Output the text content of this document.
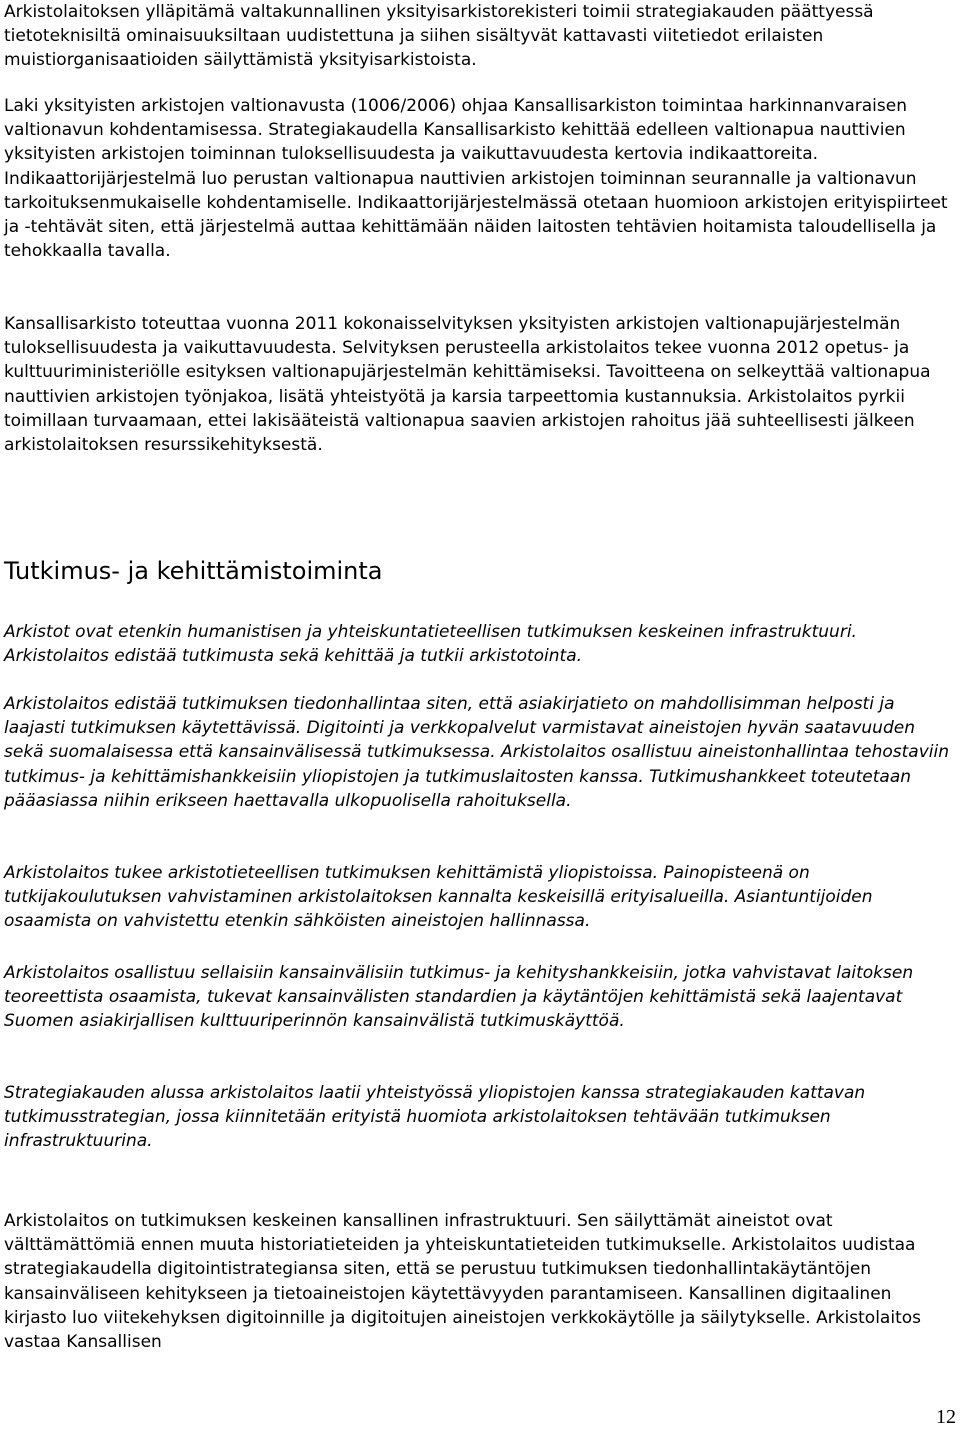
Arkistolaitoksen ylläpitämä valtakunnallinen yksityisarkistorekisteri toimii strategiakauden päättyessä tietoteknisiltä ominaisuuksiltaan uudistettuna ja siihen sisältyvät kattavasti viitetiedot erilaisten muistiorganisaatioiden säilyttämistä yksityisarkistoista.

Laki yksityisten arkistojen valtionavusta (1006/2006) ohjaa Kansallisarkiston toimintaa harkinnanvaraisen valtionavun kohdentamisessa. Strategiakaudella Kansallisarkisto kehittää edelleen valtionapua nauttivien yksityisten arkistojen toiminnan tuloksellisuudesta ja vaikuttavuudesta kertovia indikaattoreita. Indikaattorijärjestelmä luo perustan valtionapua nauttivien arkistojen toiminnan seurannalle ja valtionavun tarkoituksenmukaiselle kohdentamiselle. Indikaattorijärjestelmässä otetaan huomioon arkistojen erityispiirteet ja -tehtävät siten, että järjestelmä auttaa kehittämään näiden laitosten tehtävien hoitamista taloudellisella ja tehokkaalla tavalla.

Kansallisarkisto toteuttaa vuonna 2011 kokonaisselvityksen yksityisten arkistojen valtionapujärjestelmän tuloksellisuudesta ja vaikuttavuudesta. Selvityksen perusteella arkistolaitos tekee vuonna 2012 opetus- ja kulttuuriministeriölle esityksen valtionapujärjestelmän kehittämiseksi. Tavoitteena on selkeyttää valtionapua nauttivien arkistojen työnjakoa, lisätä yhteistyötä ja karsia tarpeettomia kustannuksia. Arkistolaitos pyrkii toimillaan turvaamaan, ettei lakisääteistä valtionapua saavien arkistojen rahoitus jää suhteellisesti jälkeen arkistolaitoksen resurssikehityksestä.

Tutkimus- ja kehittämistoiminta

Arkistot ovat etenkin humanistisen ja yhteiskuntatieteellisen tutkimuksen keskeinen infrastruktuuri. Arkistolaitos edistää tutkimusta sekä kehittää ja tutkii arkistotointa.

Arkistolaitos edistää tutkimuksen tiedonhallintaa siten, että asiakirjatieto on mahdollisimman helposti ja laajasti tutkimuksen käytettävissä. Digitointi ja verkkopalvelut varmistavat aineistojen hyvän saatavuuden sekä suomalaisessa että kansainvälisessä tutkimuksessa. Arkistolaitos osallistuu aineistonhallintaa tehostaviin tutkimus- ja kehittämishankkeisiin yliopistojen ja tutkimuslaitosten kanssa. Tutkimushankkeet toteutetaan pääasiassa niihin erikseen haettavalla ulkopuolisella rahoituksella.

Arkistolaitos tukee arkistotieteellisen tutkimuksen kehittämistä yliopistoissa. Painopisteenä on tutkijakoulutuksen vahvistaminen arkistolaitoksen kannalta keskeisillä erityisalueilla. Asiantuntijoiden osaamista on vahvistettu etenkin sähköisten aineistojen hallinnassa.

Arkistolaitos osallistuu sellaisiin kansainvälisiin tutkimus- ja kehityshankkeisiin, jotka vahvistavat laitoksen teoreettista osaamista, tukevat kansainvälisten standardien ja käytäntöjen kehittämistä sekä laajentavat Suomen asiakirjallisen kulttuuriperinnön kansainvälistä tutkimuskäyttöä.

Strategiakauden alussa arkistolaitos laatii yhteistyössä yliopistojen kanssa strategiakauden kattavan tutkimusstrategian, jossa kiinnitetään erityistä huomiota arkistolaitoksen tehtävään tutkimuksen infrastruktuurina.

Arkistolaitos on tutkimuksen keskeinen kansallinen infrastruktuuri. Sen säilyttämät aineistot ovat välttämättömiä ennen muuta historiatieteiden ja yhteiskuntatieteiden tutkimukselle. Arkistolaitos uudistaa strategiakaudella digitointistrategiansa siten, että se perustuu tutkimuksen tiedonhallintakäytäntöjen kansainväliseen kehitykseen ja tietoaineistojen käytettävyyden parantamiseen. Kansallinen digitaalinen kirjasto luo viitekehyksen digitoinnille ja digitoitujen aineistojen verkkokäytölle ja säilytykselle. Arkistolaitos vastaa Kansallisen

12
